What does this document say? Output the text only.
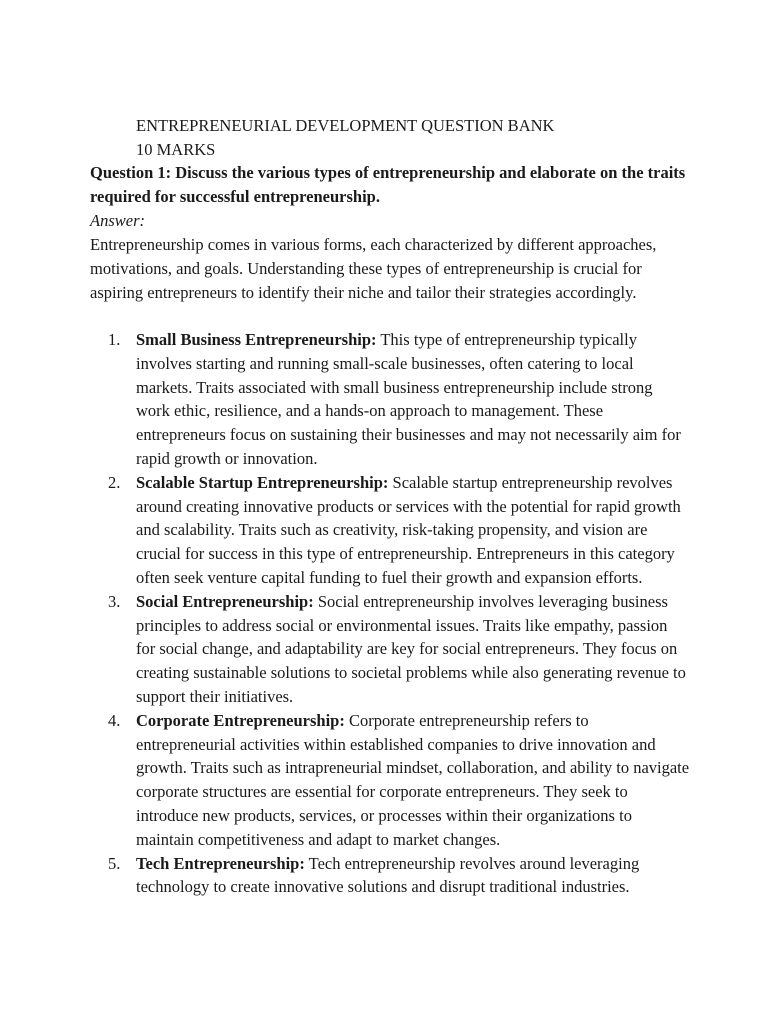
ENTREPRENEURIAL DEVELOPMENT QUESTION BANK
10 MARKS
Question 1: Discuss the various types of entrepreneurship and elaborate on the traits required for successful entrepreneurship.
Answer:
Entrepreneurship comes in various forms, each characterized by different approaches, motivations, and goals. Understanding these types of entrepreneurship is crucial for aspiring entrepreneurs to identify their niche and tailor their strategies accordingly.
1. Small Business Entrepreneurship: This type of entrepreneurship typically involves starting and running small-scale businesses, often catering to local markets. Traits associated with small business entrepreneurship include strong work ethic, resilience, and a hands-on approach to management. These entrepreneurs focus on sustaining their businesses and may not necessarily aim for rapid growth or innovation.
2. Scalable Startup Entrepreneurship: Scalable startup entrepreneurship revolves around creating innovative products or services with the potential for rapid growth and scalability. Traits such as creativity, risk-taking propensity, and vision are crucial for success in this type of entrepreneurship. Entrepreneurs in this category often seek venture capital funding to fuel their growth and expansion efforts.
3. Social Entrepreneurship: Social entrepreneurship involves leveraging business principles to address social or environmental issues. Traits like empathy, passion for social change, and adaptability are key for social entrepreneurs. They focus on creating sustainable solutions to societal problems while also generating revenue to support their initiatives.
4. Corporate Entrepreneurship: Corporate entrepreneurship refers to entrepreneurial activities within established companies to drive innovation and growth. Traits such as intrapreneurial mindset, collaboration, and ability to navigate corporate structures are essential for corporate entrepreneurs. They seek to introduce new products, services, or processes within their organizations to maintain competitiveness and adapt to market changes.
5. Tech Entrepreneurship: Tech entrepreneurship revolves around leveraging technology to create innovative solutions and disrupt traditional industries.
